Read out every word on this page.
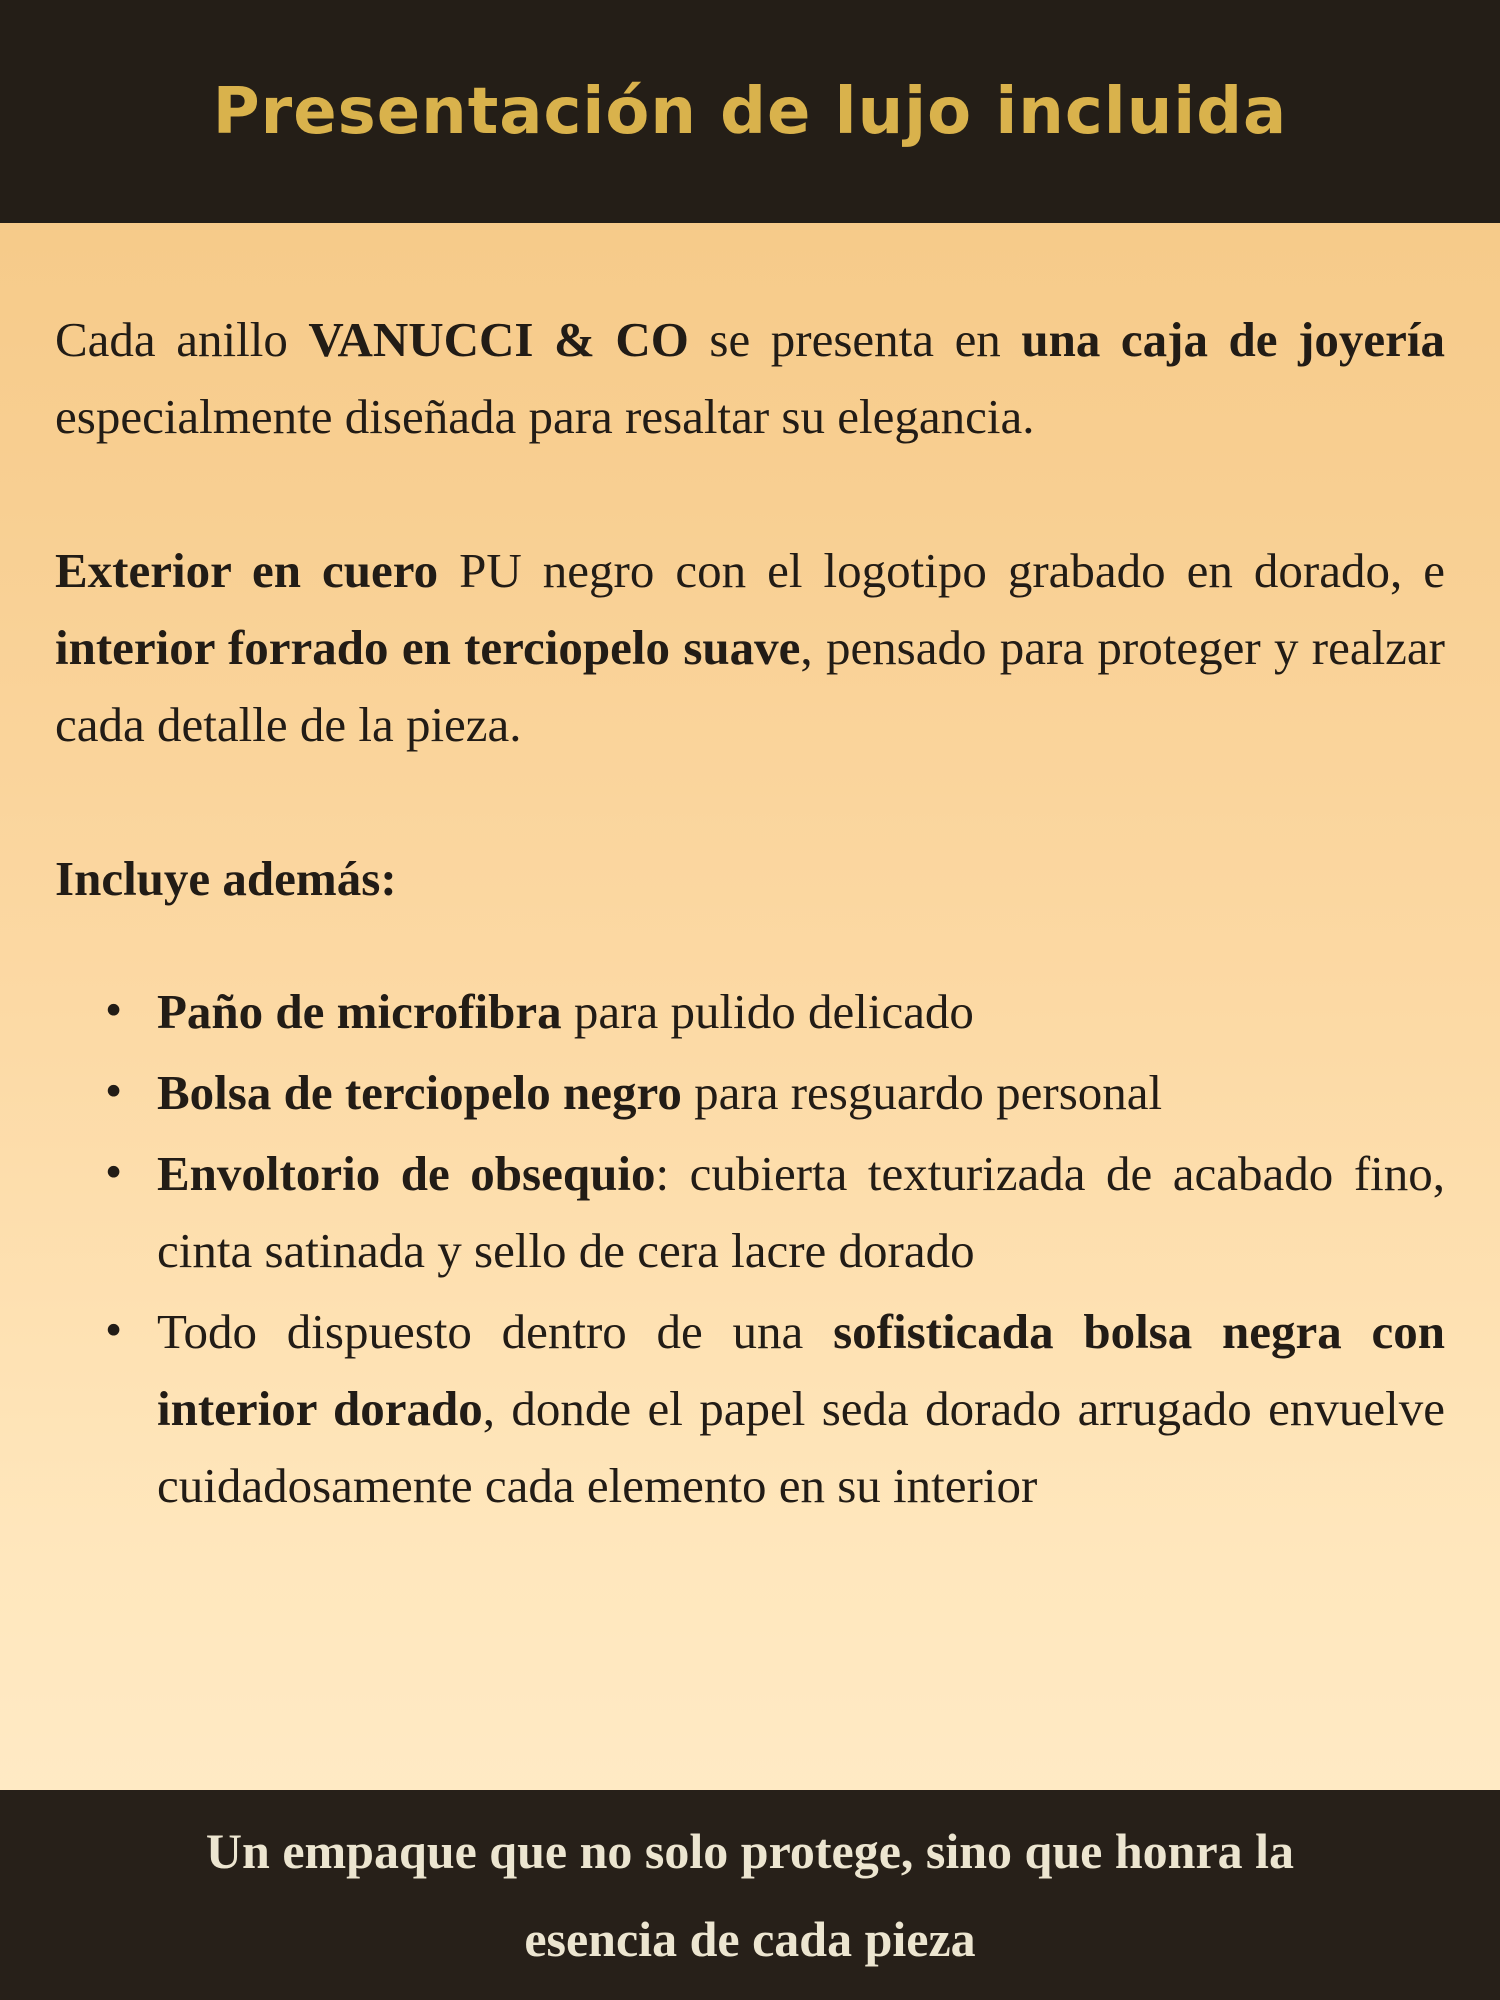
Presentación de lujo incluida

Cada anillo VANUCCI & CO se presenta en una caja de joyería especialmente diseñada para resaltar su elegancia.

Exterior en cuero PU negro con el logotipo grabado en dorado, e interior forrado en terciopelo suave, pensado para proteger y realzar cada detalle de la pieza.

Incluye además:
• Paño de microfibra para pulido delicado
• Bolsa de terciopelo negro para resguardo personal
• Envoltorio de obsequio: cubierta texturizada de acabado fino, cinta satinada y sello de cera lacre dorado
• Todo dispuesto dentro de una sofisticada bolsa negra con interior dorado, donde el papel seda dorado arrugado envuelve cuidadosamente cada elemento en su interior

Un empaque que no solo protege, sino que honra la

esencia de cada pieza
